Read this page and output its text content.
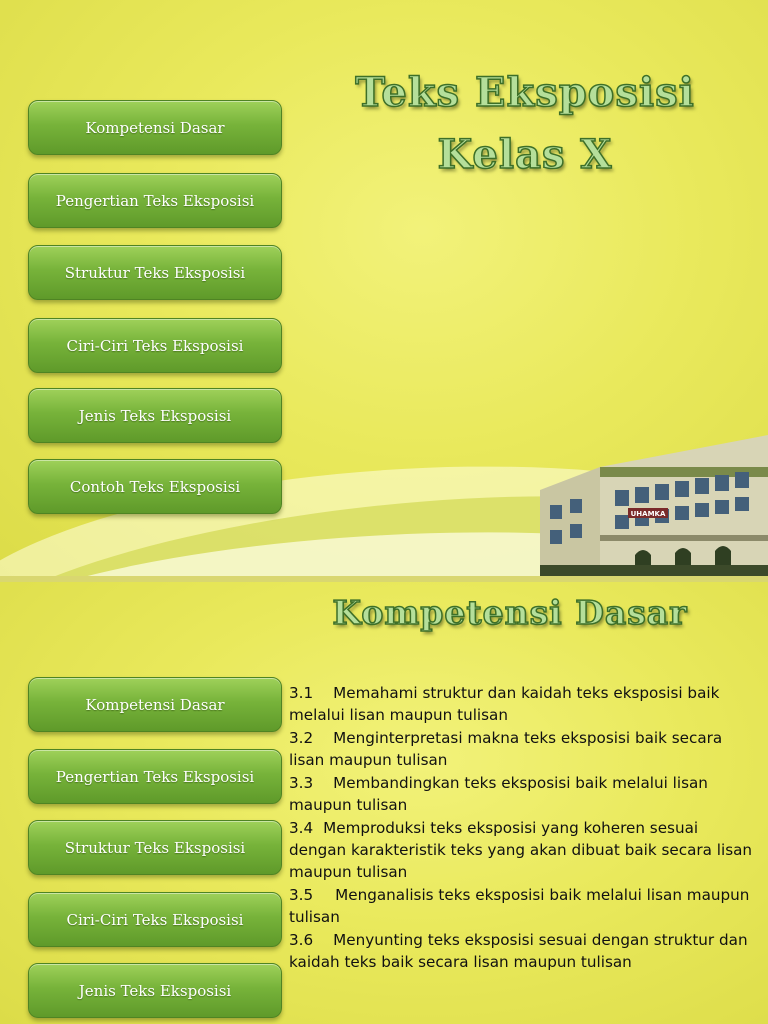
Teks Eksposisi
Kelas X
UHAMKA
Kompetensi Dasar
Pengertian Teks Eksposisi
Struktur Teks Eksposisi
Ciri-Ciri Teks Eksposisi
Jenis Teks Eksposisi
Contoh Teks Eksposisi
Kompetensi Dasar
Kompetensi Dasar
Pengertian Teks Eksposisi
Struktur Teks Eksposisi
Ciri-Ciri Teks Eksposisi
Jenis Teks Eksposisi
3.1 Memahami struktur dan kaidah teks eksposisi baik melalui lisan maupun tulisan
3.2 Menginterpretasi makna teks eksposisi baik secara lisan maupun tulisan
3.3 Membandingkan teks eksposisi baik melalui lisan maupun tulisan
3.4 Memproduksi teks eksposisi yang koheren sesuai dengan karakteristik teks yang akan dibuat baik secara lisan maupun tulisan
3.5 Menganalisis teks eksposisi baik melalui lisan maupun tulisan
3.6 Menyunting teks eksposisi sesuai dengan struktur dan kaidah teks baik secara lisan maupun tulisan
